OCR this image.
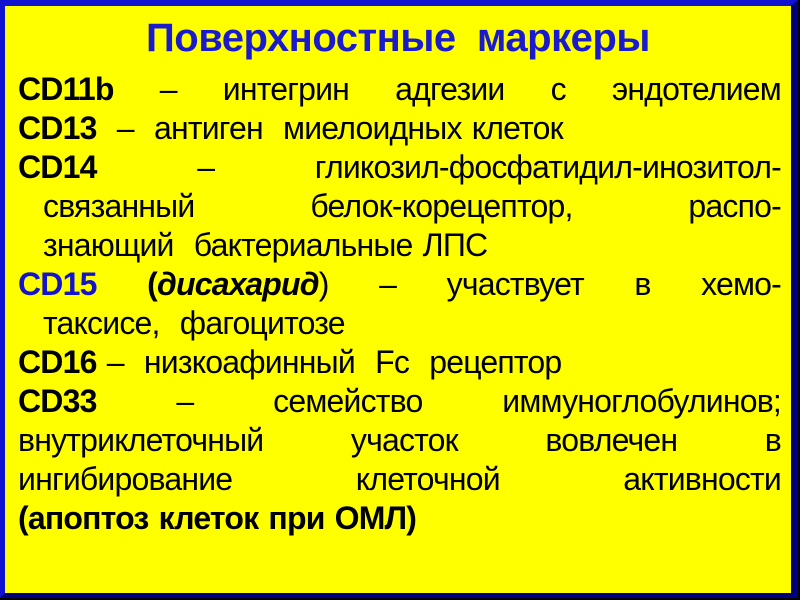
Поверхностные  маркеры
CD11b – интегрин адгезии с эндотелием
CD13  –  антиген  миелоидных клеток
CD14 – гликозил-фосфатидил-инозитол-
связанный белок-корецептор, распо-
знающий  бактериальные ЛПС
CD15 (дисахарид) – участвует в хемо-
таксисе,  фагоцитозе
CD16 –  низкоафинный  Fc  рецептор
CD33 – семейство иммуноглобулинов;
внутриклеточный участок вовлечен в
ингибирование клеточной активности
(апоптоз клеток при ОМЛ)
